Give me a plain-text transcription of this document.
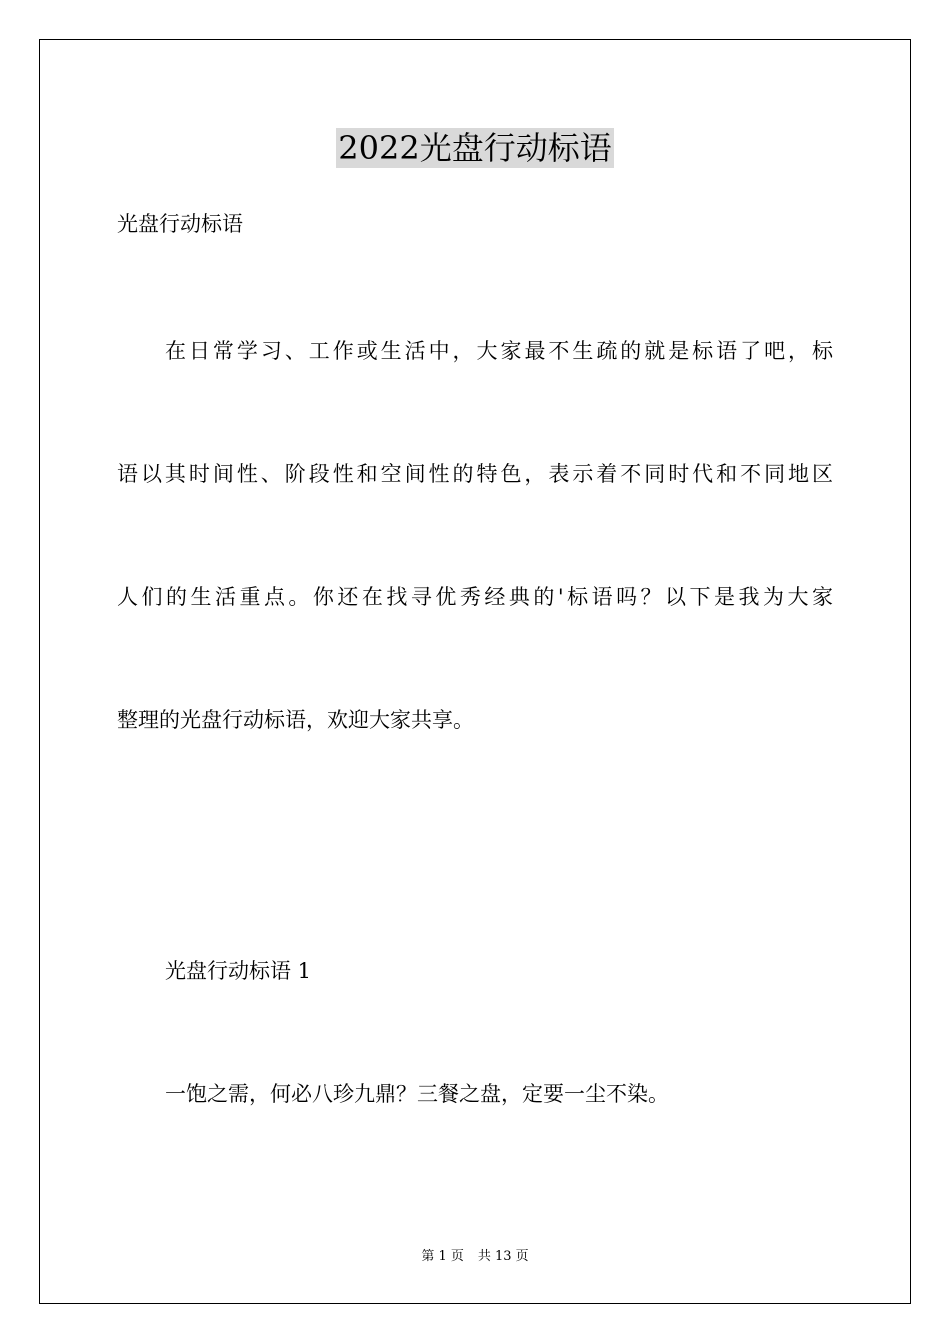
2022光盘行动标语
光盘行动标语
在日常学习、工作或生活中，大家最不生疏的就是标语了吧，标
语以其时间性、阶段性和空间性的特色，表示着不同时代和不同地区
人们的生活重点。你还在找寻优秀经典的'标语吗？以下是我为大家
整理的光盘行动标语，欢迎大家共享。
光盘行动标语 1
一饱之需，何必八珍九鼎？三餐之盘，定要一尘不染。
第 1 页 共 13 页
